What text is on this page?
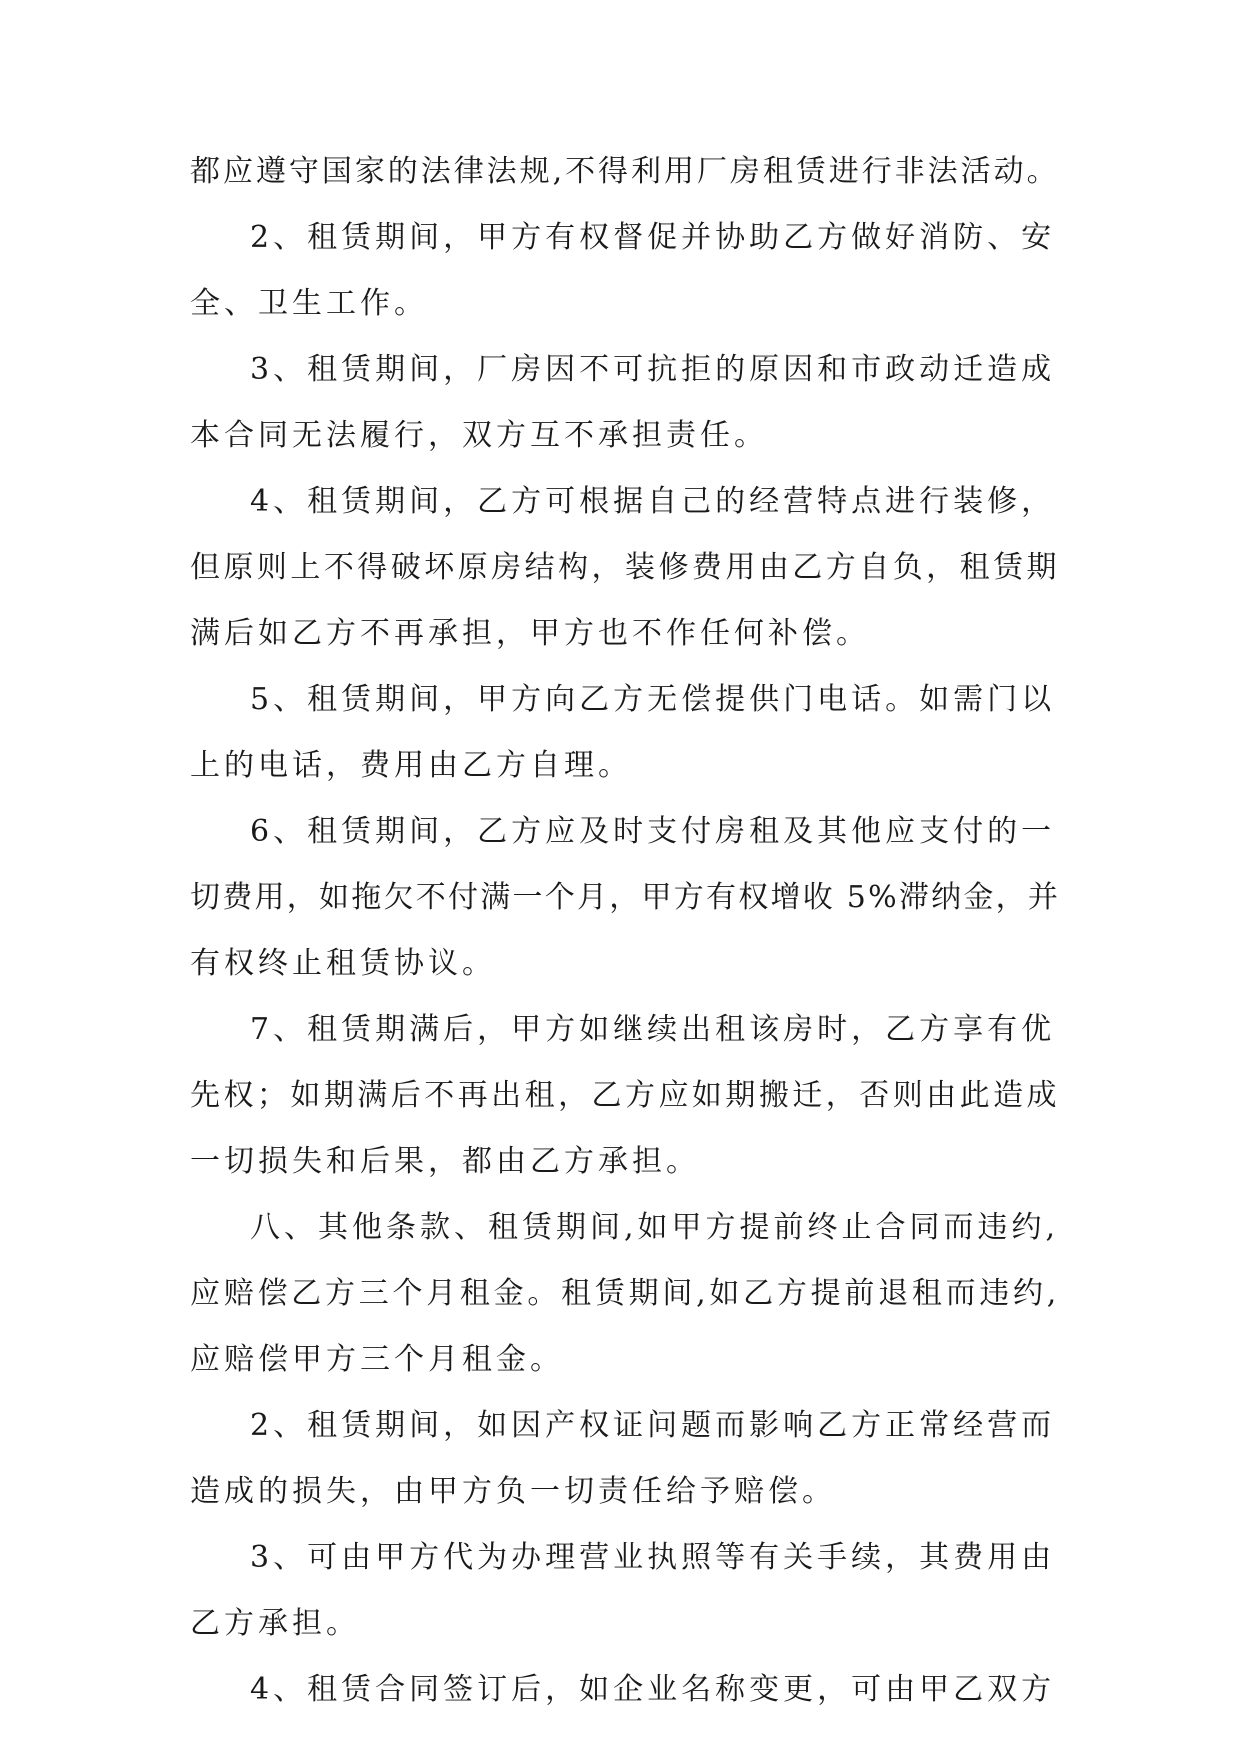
都应遵守国家的法律法规,不得利用厂房租赁进行非法活动。
2、租赁期间，甲方有权督促并协助乙方做好消防、安
全、卫生工作。
3、租赁期间，厂房因不可抗拒的原因和市政动迁造成
本合同无法履行，双方互不承担责任。
4、租赁期间，乙方可根据自己的经营特点进行装修，
但原则上不得破坏原房结构，装修费用由乙方自负，租赁期
满后如乙方不再承担，甲方也不作任何补偿。
5、租赁期间，甲方向乙方无偿提供门电话。如需门以
上的电话，费用由乙方自理。
6、租赁期间，乙方应及时支付房租及其他应支付的一
切费用，如拖欠不付满一个月，甲方有权增收 5%滞纳金，并
有权终止租赁协议。
7、租赁期满后，甲方如继续出租该房时，乙方享有优
先权；如期满后不再出租，乙方应如期搬迁，否则由此造成
一切损失和后果，都由乙方承担。
八、其他条款、租赁期间,如甲方提前终止合同而违约,
应赔偿乙方三个月租金。租赁期间,如乙方提前退租而违约,
应赔偿甲方三个月租金。
2、租赁期间，如因产权证问题而影响乙方正常经营而
造成的损失，由甲方负一切责任给予赔偿。
3、可由甲方代为办理营业执照等有关手续，其费用由
乙方承担。
4、租赁合同签订后，如企业名称变更，可由甲乙双方
